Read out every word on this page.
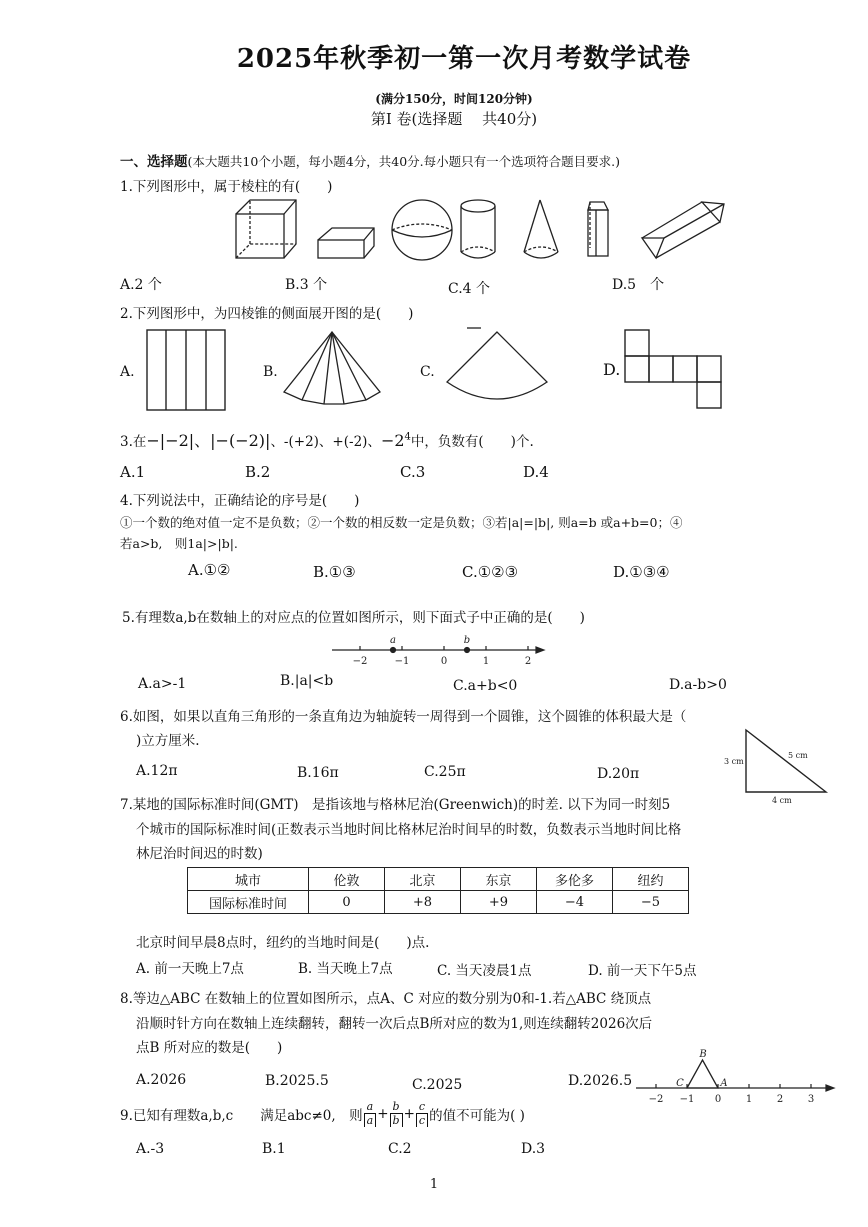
2025年秋季初一第一次月考数学试卷
(满分150分，时间120分钟)
第Ⅰ 卷(选择题　 共40分)
一、选择题(本大题共10个小题，每小题4分，共40分.每小题只有一个选项符合题目要求.)
1.下列图形中，属于棱柱的有(　　)
A.2 个	B.3 个	C.4 个	D.5　个
2.下列图形中，为四棱锥的侧面展开图的是(　　)
A.	B.	C.	D.
3.在−|−2|、|−(−2)|、-(+2)、+(-2)、$-2^4$中，负数有(　　)个.
A.1	B.2	C.3	D.4
4.下列说法中，正确结论的序号是(　　)
①一个数的绝对值一定不是负数；②一个数的相反数一定是负数；③若|a|=|b|, 则a=b 或a+b=0；④
若a>b,　则1a|>|b|.
A.①②	B.①③	C.①②③	D.①③④
5.有理数a,b在数轴上的对应点的位置如图所示，则下面式子中正确的是(　　)
−2	−1	0	1	2
a	b
A.a>-1	B.|a|<b	C.a+b<0	D.a-b>0
6.如图，如果以直角三角形的一条直角边为轴旋转一周得到一个圆锥，这个圆锥的体积最大是（
)立方厘米.
3 cm
5 cm
4 cm
A.12π	B.16π	C.25π	D.20π
7.某地的国际标准时间(GMT)　是指该地与格林尼治(Greenwich)的时差. 以下为同一时刻5
个城市的国际标准时间(正数表示当地时间比格林尼治时间早的时数，负数表示当地时间比格
林尼治时间迟的时数)
城市	伦敦	北京	东京	多伦多	纽约
国际标准时间	0	+8	+9	−4	−5
北京时间早晨8点时，纽约的当地时间是(　　)点.
A. 前一天晚上7点	B. 当天晚上7点	C. 当天凌晨1点	D. 前一天下午5点
8.等边△ABC 在数轴上的位置如图所示，点A、C 对应的数分别为0和-1.若△ABC 绕顶点
沿顺时针方向在数轴上连续翻转，翻转一次后点B所对应的数为1,则连续翻转2026次后
点B 所对应的数是(　　)
A.2026	B.2025.5	C.2025	D.2026.5
−2 −1 0 1 2 3
B
C	A
9.已知有理数a,b,c　　满足abc≠0,　则 $\frac{a}{a} + \frac{b}{b} + \frac{c}{c}$ 的值不可能为( )
A.-3	B.1	C.2	D.3
1
